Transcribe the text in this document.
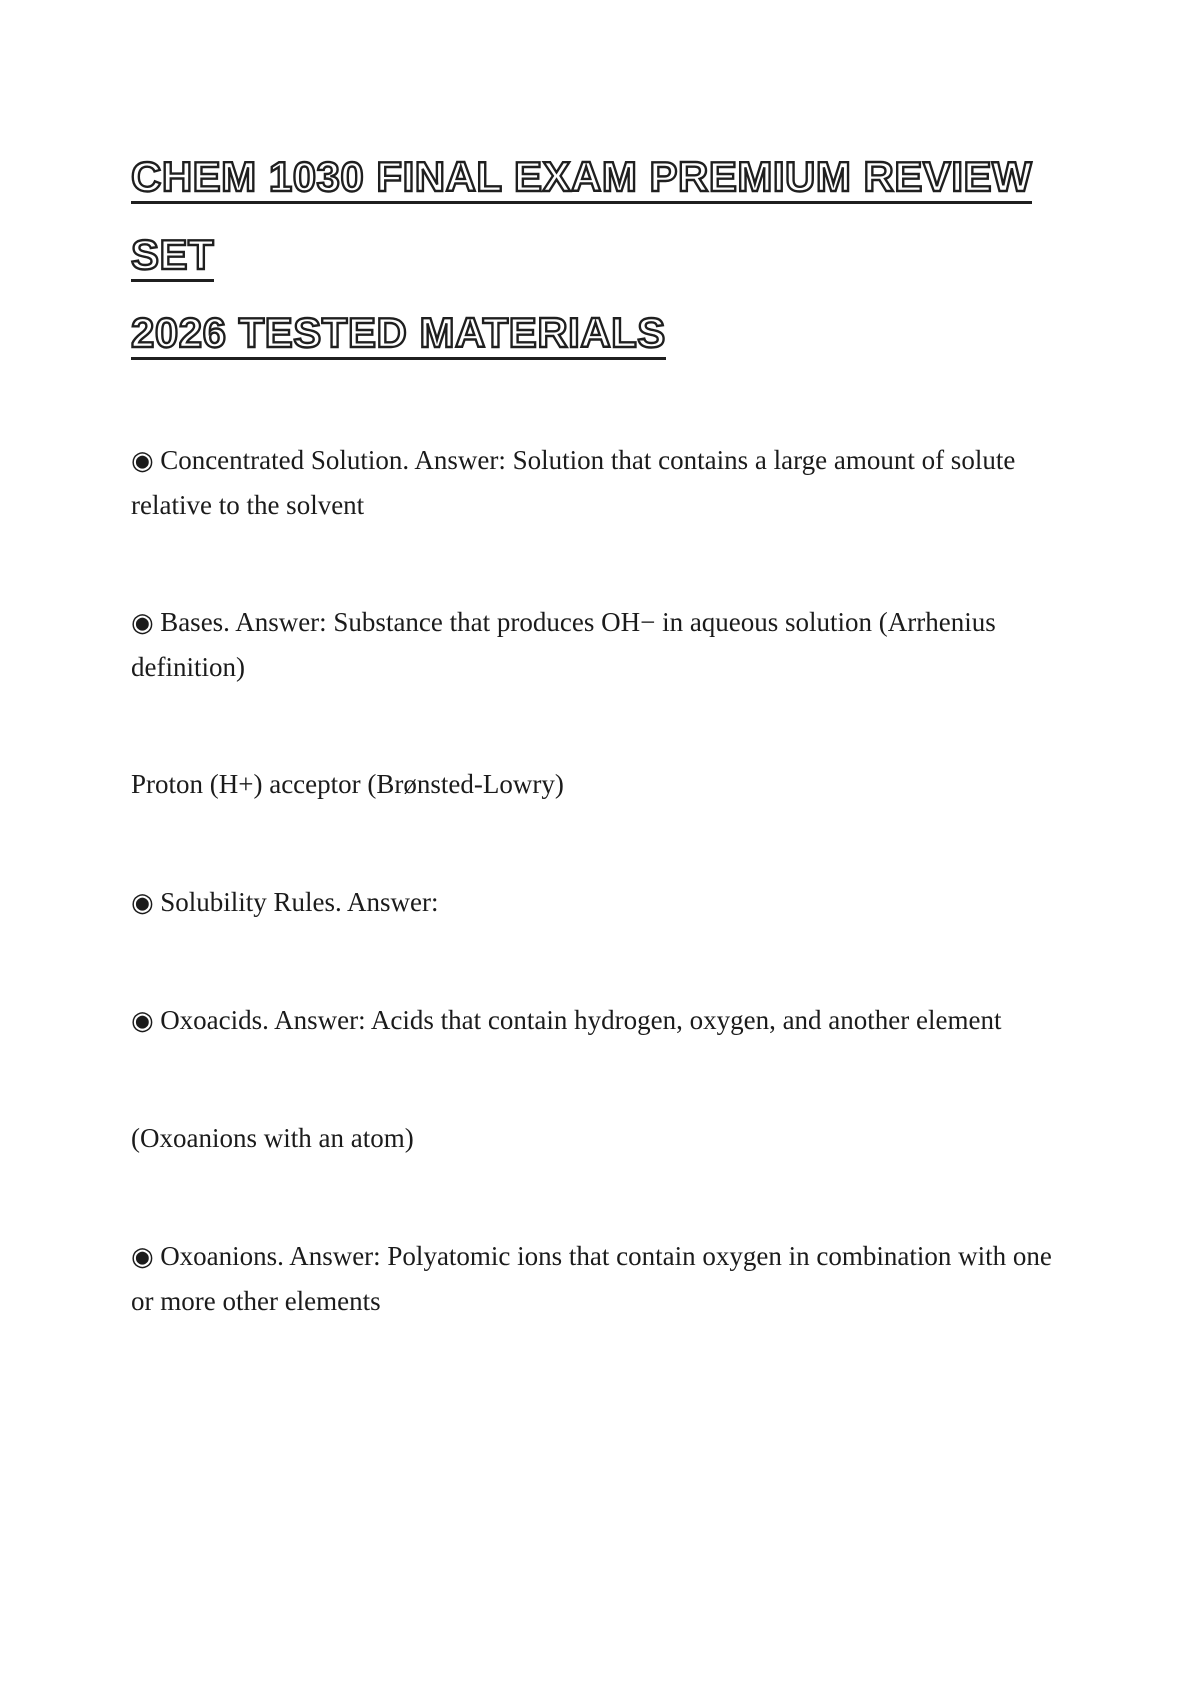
CHEM 1030 FINAL EXAM PREMIUM REVIEW SET
2026 TESTED MATERIALS

◉ Concentrated Solution. Answer: Solution that contains a large amount of solute relative to the solvent

◉ Bases. Answer: Substance that produces OH− in aqueous solution (Arrhenius definition)

Proton (H+) acceptor (Brønsted-Lowry)

◉ Solubility Rules. Answer:

◉ Oxoacids. Answer: Acids that contain hydrogen, oxygen, and another element

(Oxoanions with an atom)

◉ Oxoanions. Answer: Polyatomic ions that contain oxygen in combination with one or more other elements
